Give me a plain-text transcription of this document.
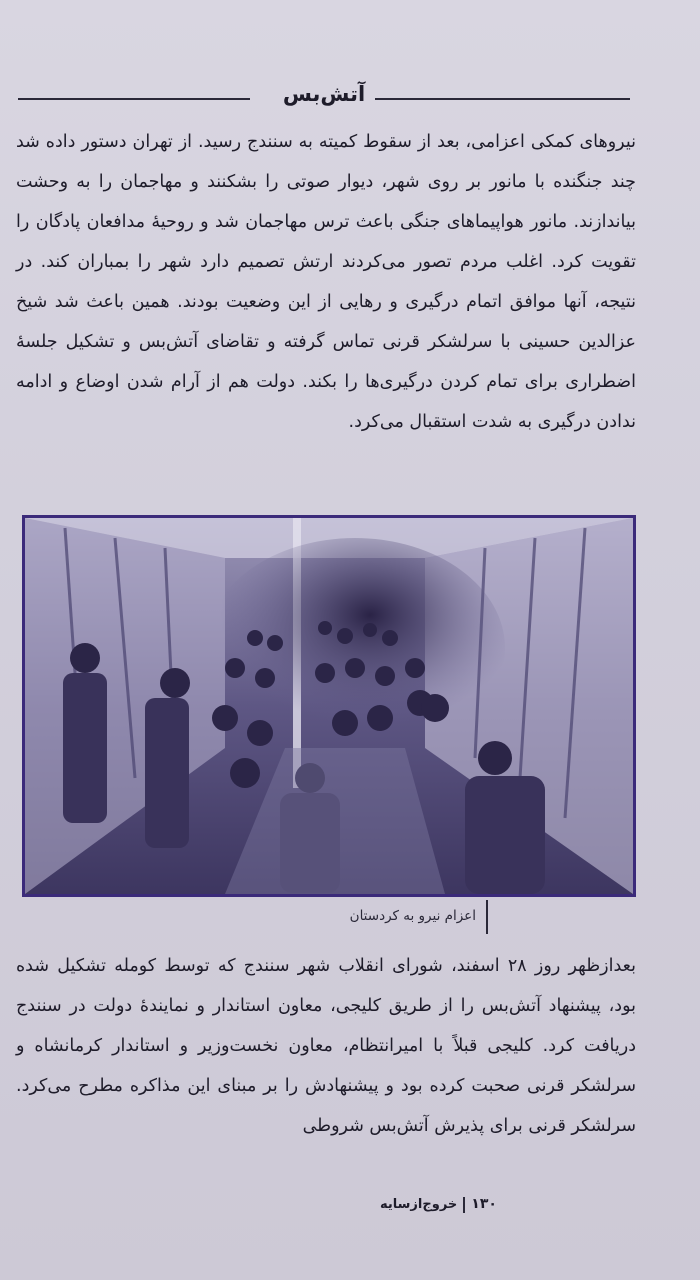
آتش‌بس
نیروهای کمکی اعزامی، بعد از سقوط کمیته به سنندج رسید. از تهران دستور داده شد چند جنگنده با مانور بر روی شهر، دیوار صوتی را بشکنند و مهاجمان را به وحشت بیاندازند. مانور هواپیماهای جنگی باعث ترس مهاجمان شد و روحیهٔ مدافعان پادگان را تقویت کرد. اغلب مردم تصور می‌کردند ارتش تصمیم دارد شهر را بمباران کند. در نتیجه، آنها موافق اتمام درگیری و رهایی از این وضعیت بودند. همین باعث شد شیخ عزالدین حسینی با سرلشکر قرنی تماس گرفته و تقاضای آتش‌بس و تشکیل جلسهٔ اضطراری برای تمام کردن درگیری‌ها را بکند. دولت هم از آرام شدن اوضاع و ادامه ندادن درگیری به شدت استقبال می‌کرد.
اعزام نیرو به کردستان
بعدازظهر روز ۲۸ اسفند، شورای انقلاب شهر سنندج که توسط کومله تشکیل شده بود، پیشنهاد آتش‌بس را از طریق کلیجی، معاون استاندار و نمایندهٔ دولت در سنندج دریافت کرد. کلیجی قبلاً با امیرانتظام، معاون نخست‌وزیر و استاندار کرمانشاه و سرلشکر قرنی صحبت کرده بود و پیشنهادش را بر مبنای این مذاکره مطرح می‌کرد. سرلشکر قرنی برای پذیرش آتش‌بس شروطی
۱۳۰خروج‌ازسایه
